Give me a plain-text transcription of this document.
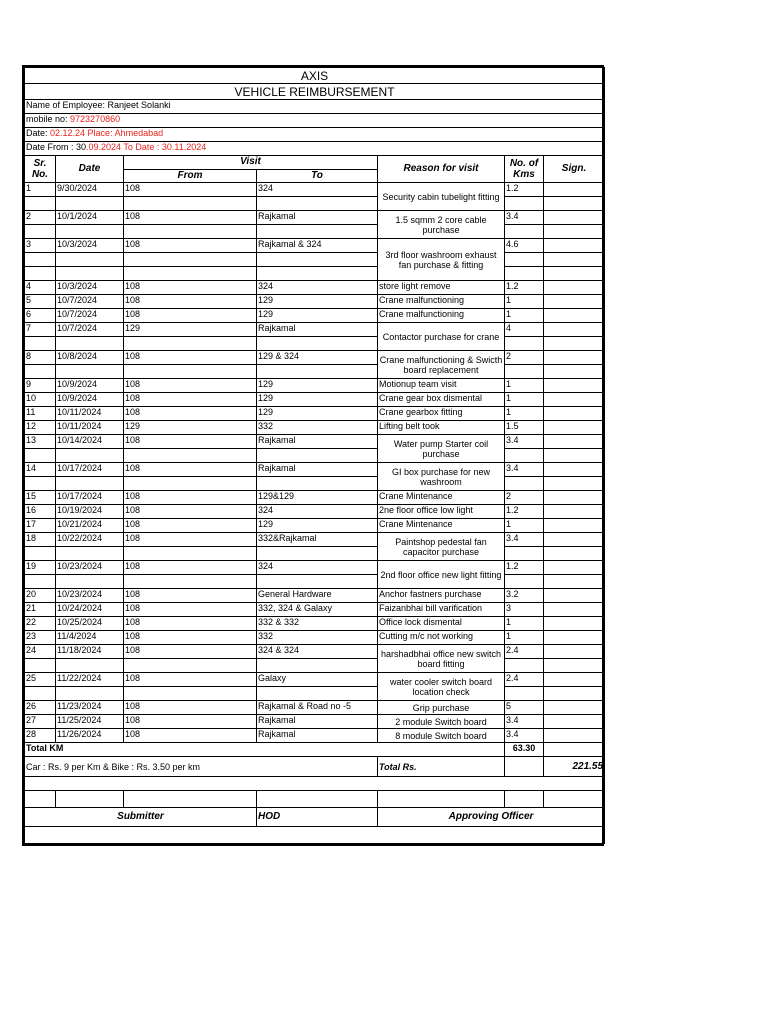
AXIS						
VEHICLE REIMBURSEMENT						
Name of Employee: Ranjeet Solanki						
mobile no: 9723270860						
Date: 02.12.24 Place: Ahmedabad						
Date From : 30.09.2024 To Date : 30.11.2024						
Sr. No.	Date	Visit		Reason for visit	No. of Kms	Sign.
		From	To			
1	9/30/2024	108	324	Security cabin tubelight fitting	1.2	

2	10/1/2024	108	Rajkamal	1.5 sqmm 2 core cable purchase	3.4	

3	10/3/2024	108	Rajkamal & 324	3rd floor washroom exhaust fan purchase & fitting	4.6	

4	10/3/2024	108	324	store light remove	1.2	
5	10/7/2024	108	129	Crane malfunctioning	1	
6	10/7/2024	108	129	Crane malfunctioning	1	
7	10/7/2024	129	Rajkamal	Contactor purchase for crane	4	

8	10/8/2024	108	129 & 324	Crane malfunctioning & Swicth board replacement	2	

9	10/9/2024	108	129	Motionup team visit	1	
10	10/9/2024	108	129	Crane gear box dismental	1	
11	10/11/2024	108	129	Crane gearbox fitting	1	
12	10/11/2024	129	332	Lifting belt took	1.5	
13	10/14/2024	108	Rajkamal	Water pump Starter coil purchase	3.4	

14	10/17/2024	108	Rajkamal	GI box purchase for new washroom	3.4	

15	10/17/2024	108	129&129	Crane Mintenance	2	
16	10/19/2024	108	324	2ne floor office low light	1.2	
17	10/21/2024	108	129	Crane Mintenance	1	
18	10/22/2024	108	332&Rajkamal	Paintshop pedestal fan capacitor purchase	3.4	

19	10/23/2024	108	324	2nd floor office new light fitting	1.2	

20	10/23/2024	108	General Hardware	Anchor fastners purchase	3.2	
21	10/24/2024	108	332, 324 & Galaxy	Faizanbhai bill varification	3	
22	10/25/2024	108	332 & 332	Office lock dismental	1	
23	11/4/2024	108	332	Cutting m/c not working	1	
24	11/18/2024	108	324 & 324	harshadbhai office new switch board fitting	2.4	

25	11/22/2024	108	Galaxy	water cooler switch board location check	2.4	

26	11/23/2024	108	Rajkamal & Road no -5	Grip purchase	5	
27	11/25/2024	108	Rajkamal	2 module Switch board	3.4	
28	11/26/2024	108	Rajkamal	8 module Switch board	3.4	
Total KM					63.30	
Car : Rs. 9 per Km & Bike : Rs. 3.50 per km				Total Rs.		221.55

Submitter			HOD	Approving Officer		
